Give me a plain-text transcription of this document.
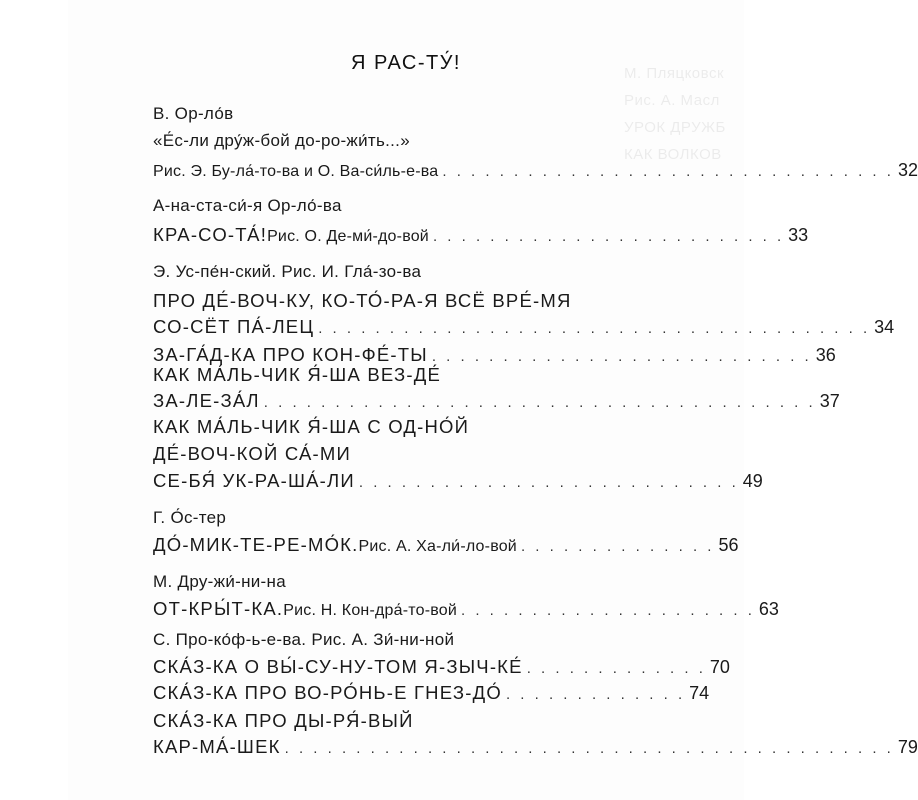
М. Пляцковск
Рис. А. Масл
УРОК ДРУЖБ
КАК ВОЛКОВ
Я РАС-ТУ́!
В. Ор-ло́в
«Е́с-ли дру́ж-бой до-ро-жи́ть...»
Рис. Э. Бу-ла́-то-ва и О. Ва-си́ль-е-ва . . . . . . . . . . . . . . . . . . . . . . . . . . . . . . . . 32
А-на-ста-си́-я Ор-ло́-ва
КРА-СО-ТА́! Рис. О. Де-ми́-до-вой . . . . . . . . . . . . . . . . . . . . . . . . . 33
Э. Ус-пе́н-ский. Рис. И. Гла́-зо-ва
ПРО ДЕ́-ВОЧ-КУ, КО-ТО́-РА-Я ВСЁ ВРЕ́-МЯ
СО-СЁТ ПА́-ЛЕЦ . . . . . . . . . . . . . . . . . . . . . . . . . . . . . . . . . . . . . . . 34
ЗА-ГА́Д-КА ПРО КОН-ФЕ́-ТЫ . . . . . . . . . . . . . . . . . . . . . . . . . . . 36
КАК МА́ЛЬ-ЧИК Я́-ША ВЕЗ-ДЕ́
ЗА-ЛЕ-ЗА́Л . . . . . . . . . . . . . . . . . . . . . . . . . . . . . . . . . . . . . . . 37
КАК МА́ЛЬ-ЧИК Я́-ША С ОД-НО́Й
ДЕ́-ВОЧ-КОЙ СА́-МИ
СЕ-БЯ́ УК-РА-ША́-ЛИ . . . . . . . . . . . . . . . . . . . . . . . . . . . 49
Г. О́с-тер
ДО́-МИК-ТЕ-РЕ-МО́К. Рис. А. Ха-ли́-ло-вой . . . . . . . . . . . . . . 56
М. Дру-жи́-ни-на
ОТ-КРЫ́Т-КА. Рис. Н. Кон-дра́-то-вой . . . . . . . . . . . . . . . . . . . . . 63
С. Про-ко́ф-ь-е-ва. Рис. А. Зи́-ни-ной
СКА́З-КА О ВЫ́-СУ-НУ-ТОМ Я-ЗЫЧ-КЕ́ . . . . . . . . . . . . . 70
СКА́З-КА ПРО ВО-РО́НЬ-Е ГНЕЗ-ДО́ . . . . . . . . . . . . . 74
СКА́З-КА ПРО ДЫ-РЯ́-ВЫЙ
КАР-МА́-ШЕК . . . . . . . . . . . . . . . . . . . . . . . . . . . . . . . . . . . . . . . . . . . 79
